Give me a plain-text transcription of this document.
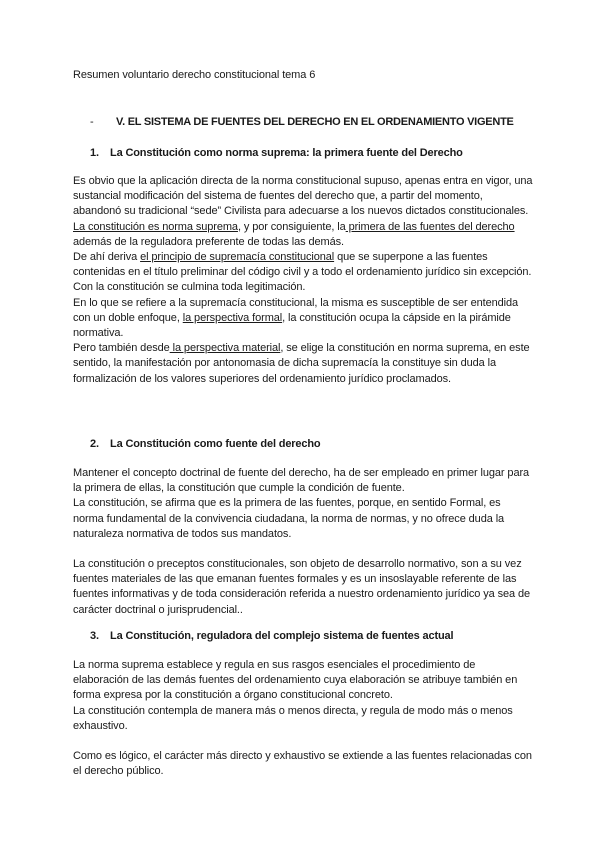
Resumen voluntario derecho constitucional tema 6
- V. EL SISTEMA DE FUENTES DEL DERECHO EN EL ORDENAMIENTO VIGENTE
1. La Constitución como norma suprema: la primera fuente del Derecho

Es obvio que la aplicación directa de la norma constitucional supuso, apenas entra en vigor, una sustancial modificación del sistema de fuentes del derecho que, a partir del momento, abandonó su tradicional “sede” Civilista para adecuarse a los nuevos dictados constitucionales.

La constitución es norma suprema, y por consiguiente, la primera de las fuentes del derecho además de la reguladora preferente de todas las demás.

De ahí deriva el principio de supremacía constitucional que se superpone a las fuentes contenidas en el título preliminar del código civil y a todo el ordenamiento jurídico sin excepción.

Con la constitución se culmina toda legitimación.

En lo que se refiere a la supremacía constitucional, la misma es susceptible de ser entendida con un doble enfoque, la perspectiva formal, la constitución ocupa la cápside en la pirámide normativa.

Pero también desde la perspectiva material, se elige la constitución en norma suprema, en este sentido, la manifestación por antonomasia de dicha supremacía la constituye sin duda la formalización de los valores superiores del ordenamiento jurídico proclamados.

2. La Constitución como fuente del derecho

Mantener el concepto doctrinal de fuente del derecho, ha de ser empleado en primer lugar para la primera de ellas, la constitución que cumple la condición de fuente.

La constitución, se afirma que es la primera de las fuentes, porque, en sentido Formal, es norma fundamental de la convivencia ciudadana, la norma de normas, y no ofrece duda la naturaleza normativa de todos sus mandatos.

La constitución o preceptos constitucionales, son objeto de desarrollo normativo, son a su vez fuentes materiales de las que emanan fuentes formales y es un insoslayable referente de las fuentes informativas y de toda consideración referida a nuestro ordenamiento jurídico ya sea de carácter doctrinal o jurisprudencial..

3. La Constitución, reguladora del complejo sistema de fuentes actual

La norma suprema establece y regula en sus rasgos esenciales el procedimiento de elaboración de las demás fuentes del ordenamiento cuya elaboración se atribuye también en forma expresa por la constitución a órgano constitucional concreto.

La constitución contempla de manera más o menos directa, y regula de modo más o menos exhaustivo.

Como es lógico, el carácter más directo y exhaustivo se extiende a las fuentes relacionadas con el derecho público.
